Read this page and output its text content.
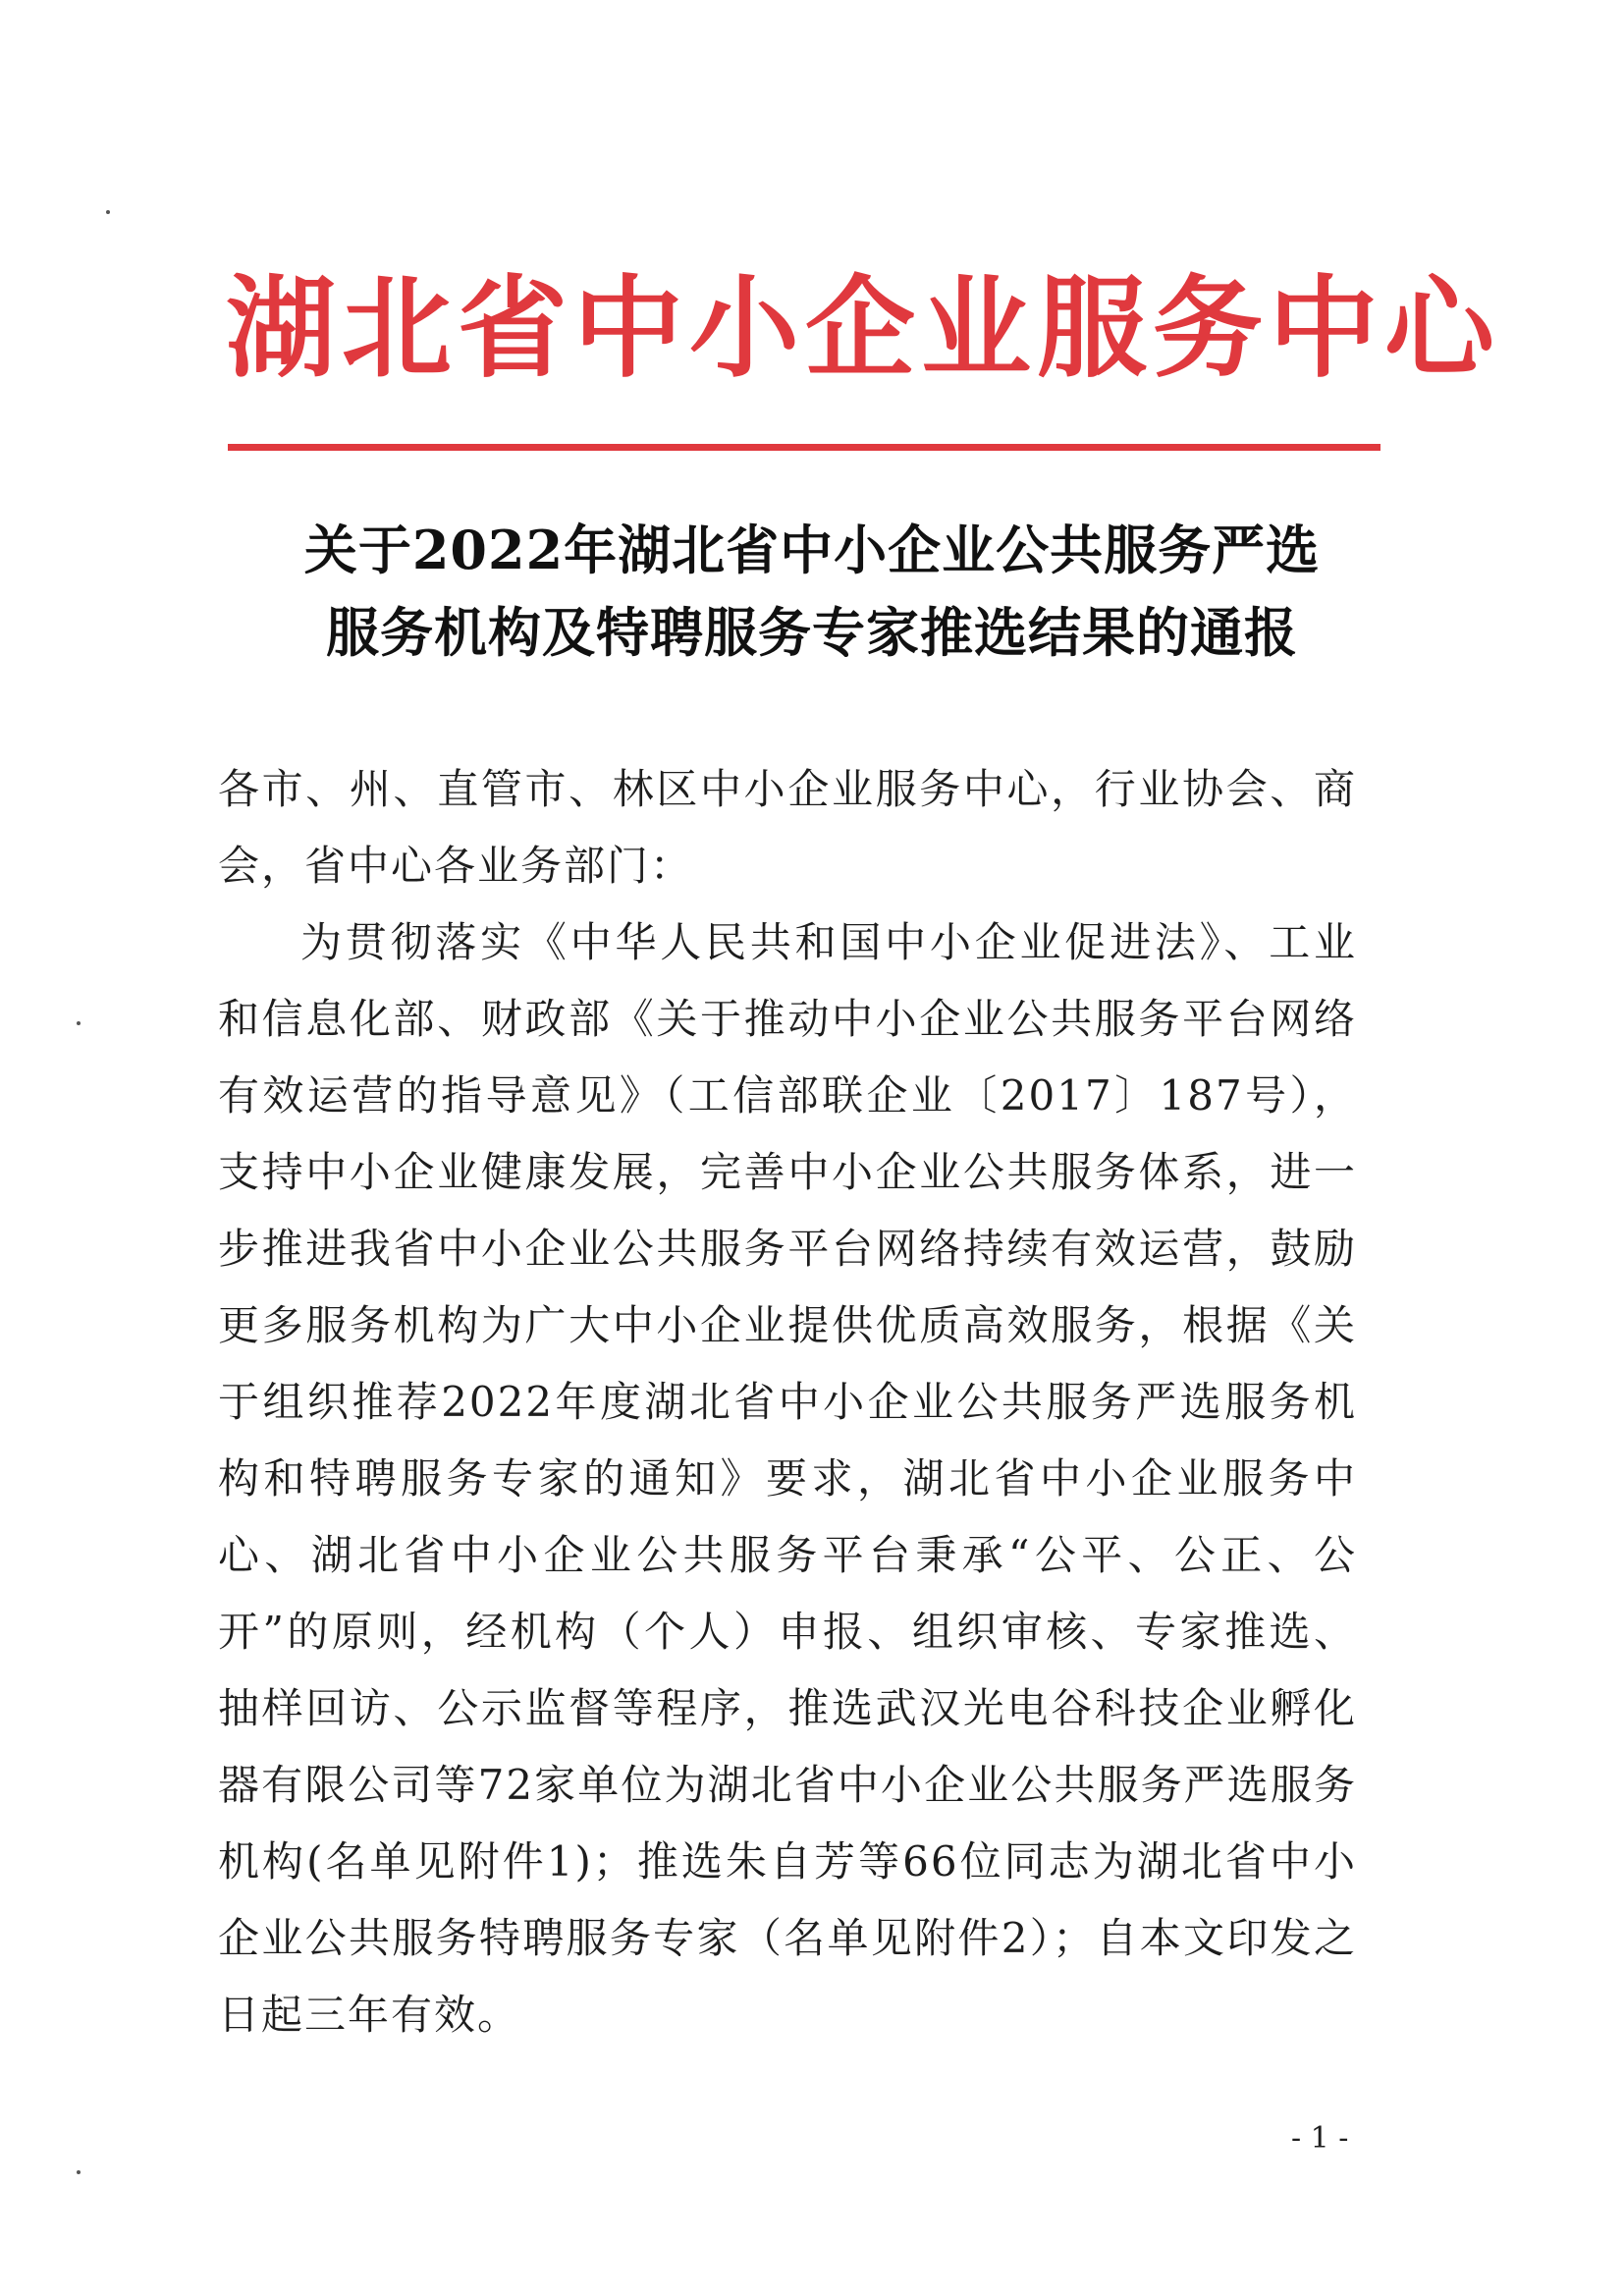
湖北省中小企业服务中心
关于2022年湖北省中小企业公共服务严选
服务机构及特聘服务专家推选结果的通报

各市、州、直管市、林区中小企业服务中心，行业协会、商会，省中心各业务部门：

为贯彻落实《中华人民共和国中小企业促进法》、工业和信息化部、财政部《关于推动中小企业公共服务平台网络有效运营的指导意见》（工信部联企业〔2017〕187号），支持中小企业健康发展，完善中小企业公共服务体系，进一步推进我省中小企业公共服务平台网络持续有效运营，鼓励更多服务机构为广大中小企业提供优质高效服务，根据《关于组织推荐2022年度湖北省中小企业公共服务严选服务机构和特聘服务专家的通知》要求，湖北省中小企业服务中心、湖北省中小企业公共服务平台秉承“公平、公正、公开”的原则，经机构（个人）申报、组织审核、专家推选、抽样回访、公示监督等程序，推选武汉光电谷科技企业孵化器有限公司等72家单位为湖北省中小企业公共服务严选服务机构(名单见附件1)；推选朱自芳等66位同志为湖北省中小企业公共服务特聘服务专家（名单见附件2）；自本文印发之日起三年有效。

- 1 -
